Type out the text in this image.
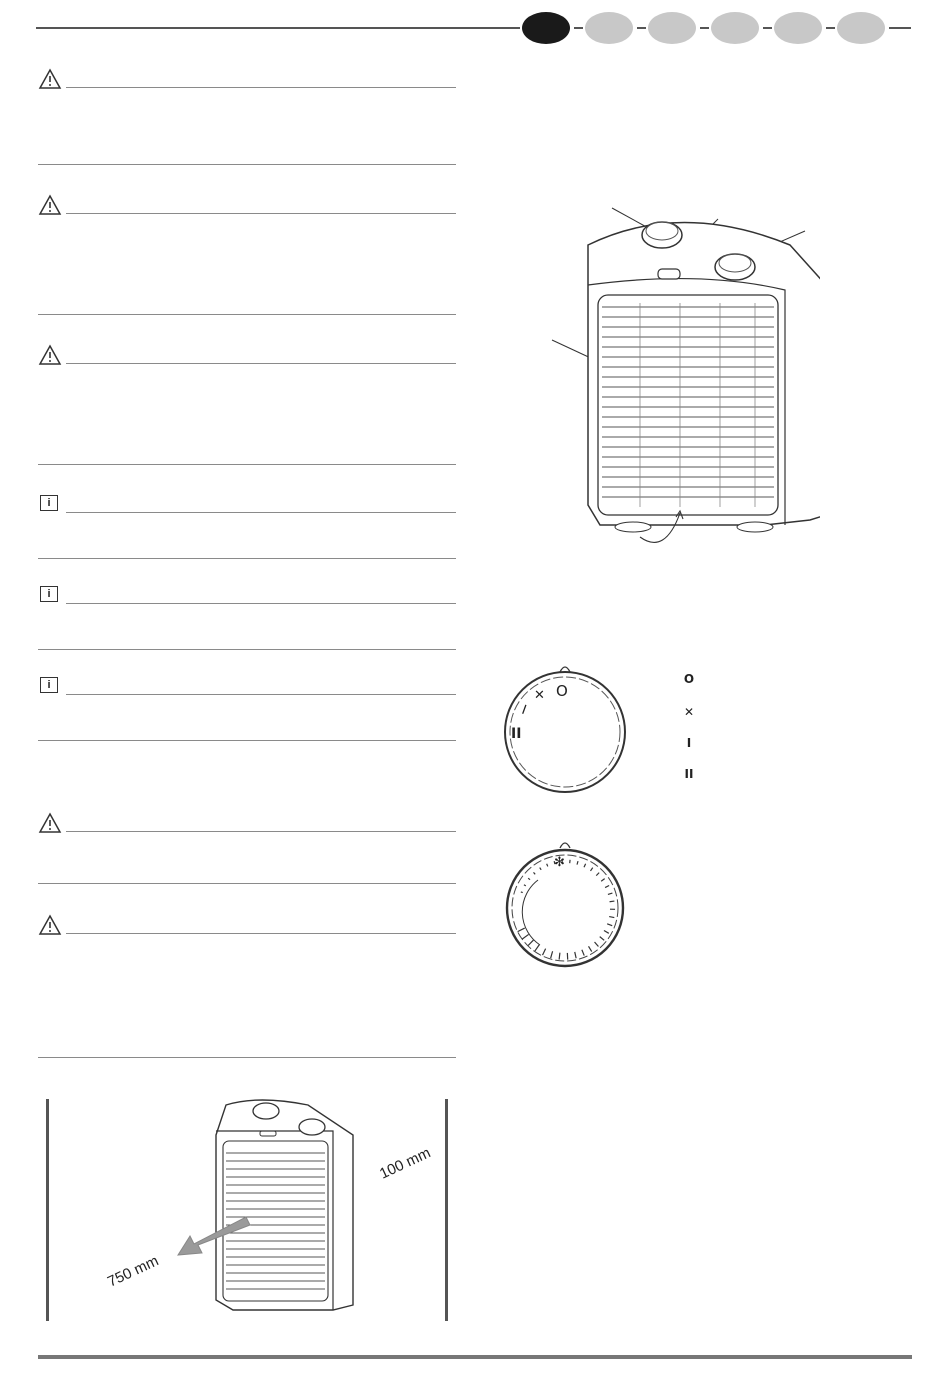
i
i
i
100 mm
750 mm
II
I
✕ O
O
✕
I
II
✻
